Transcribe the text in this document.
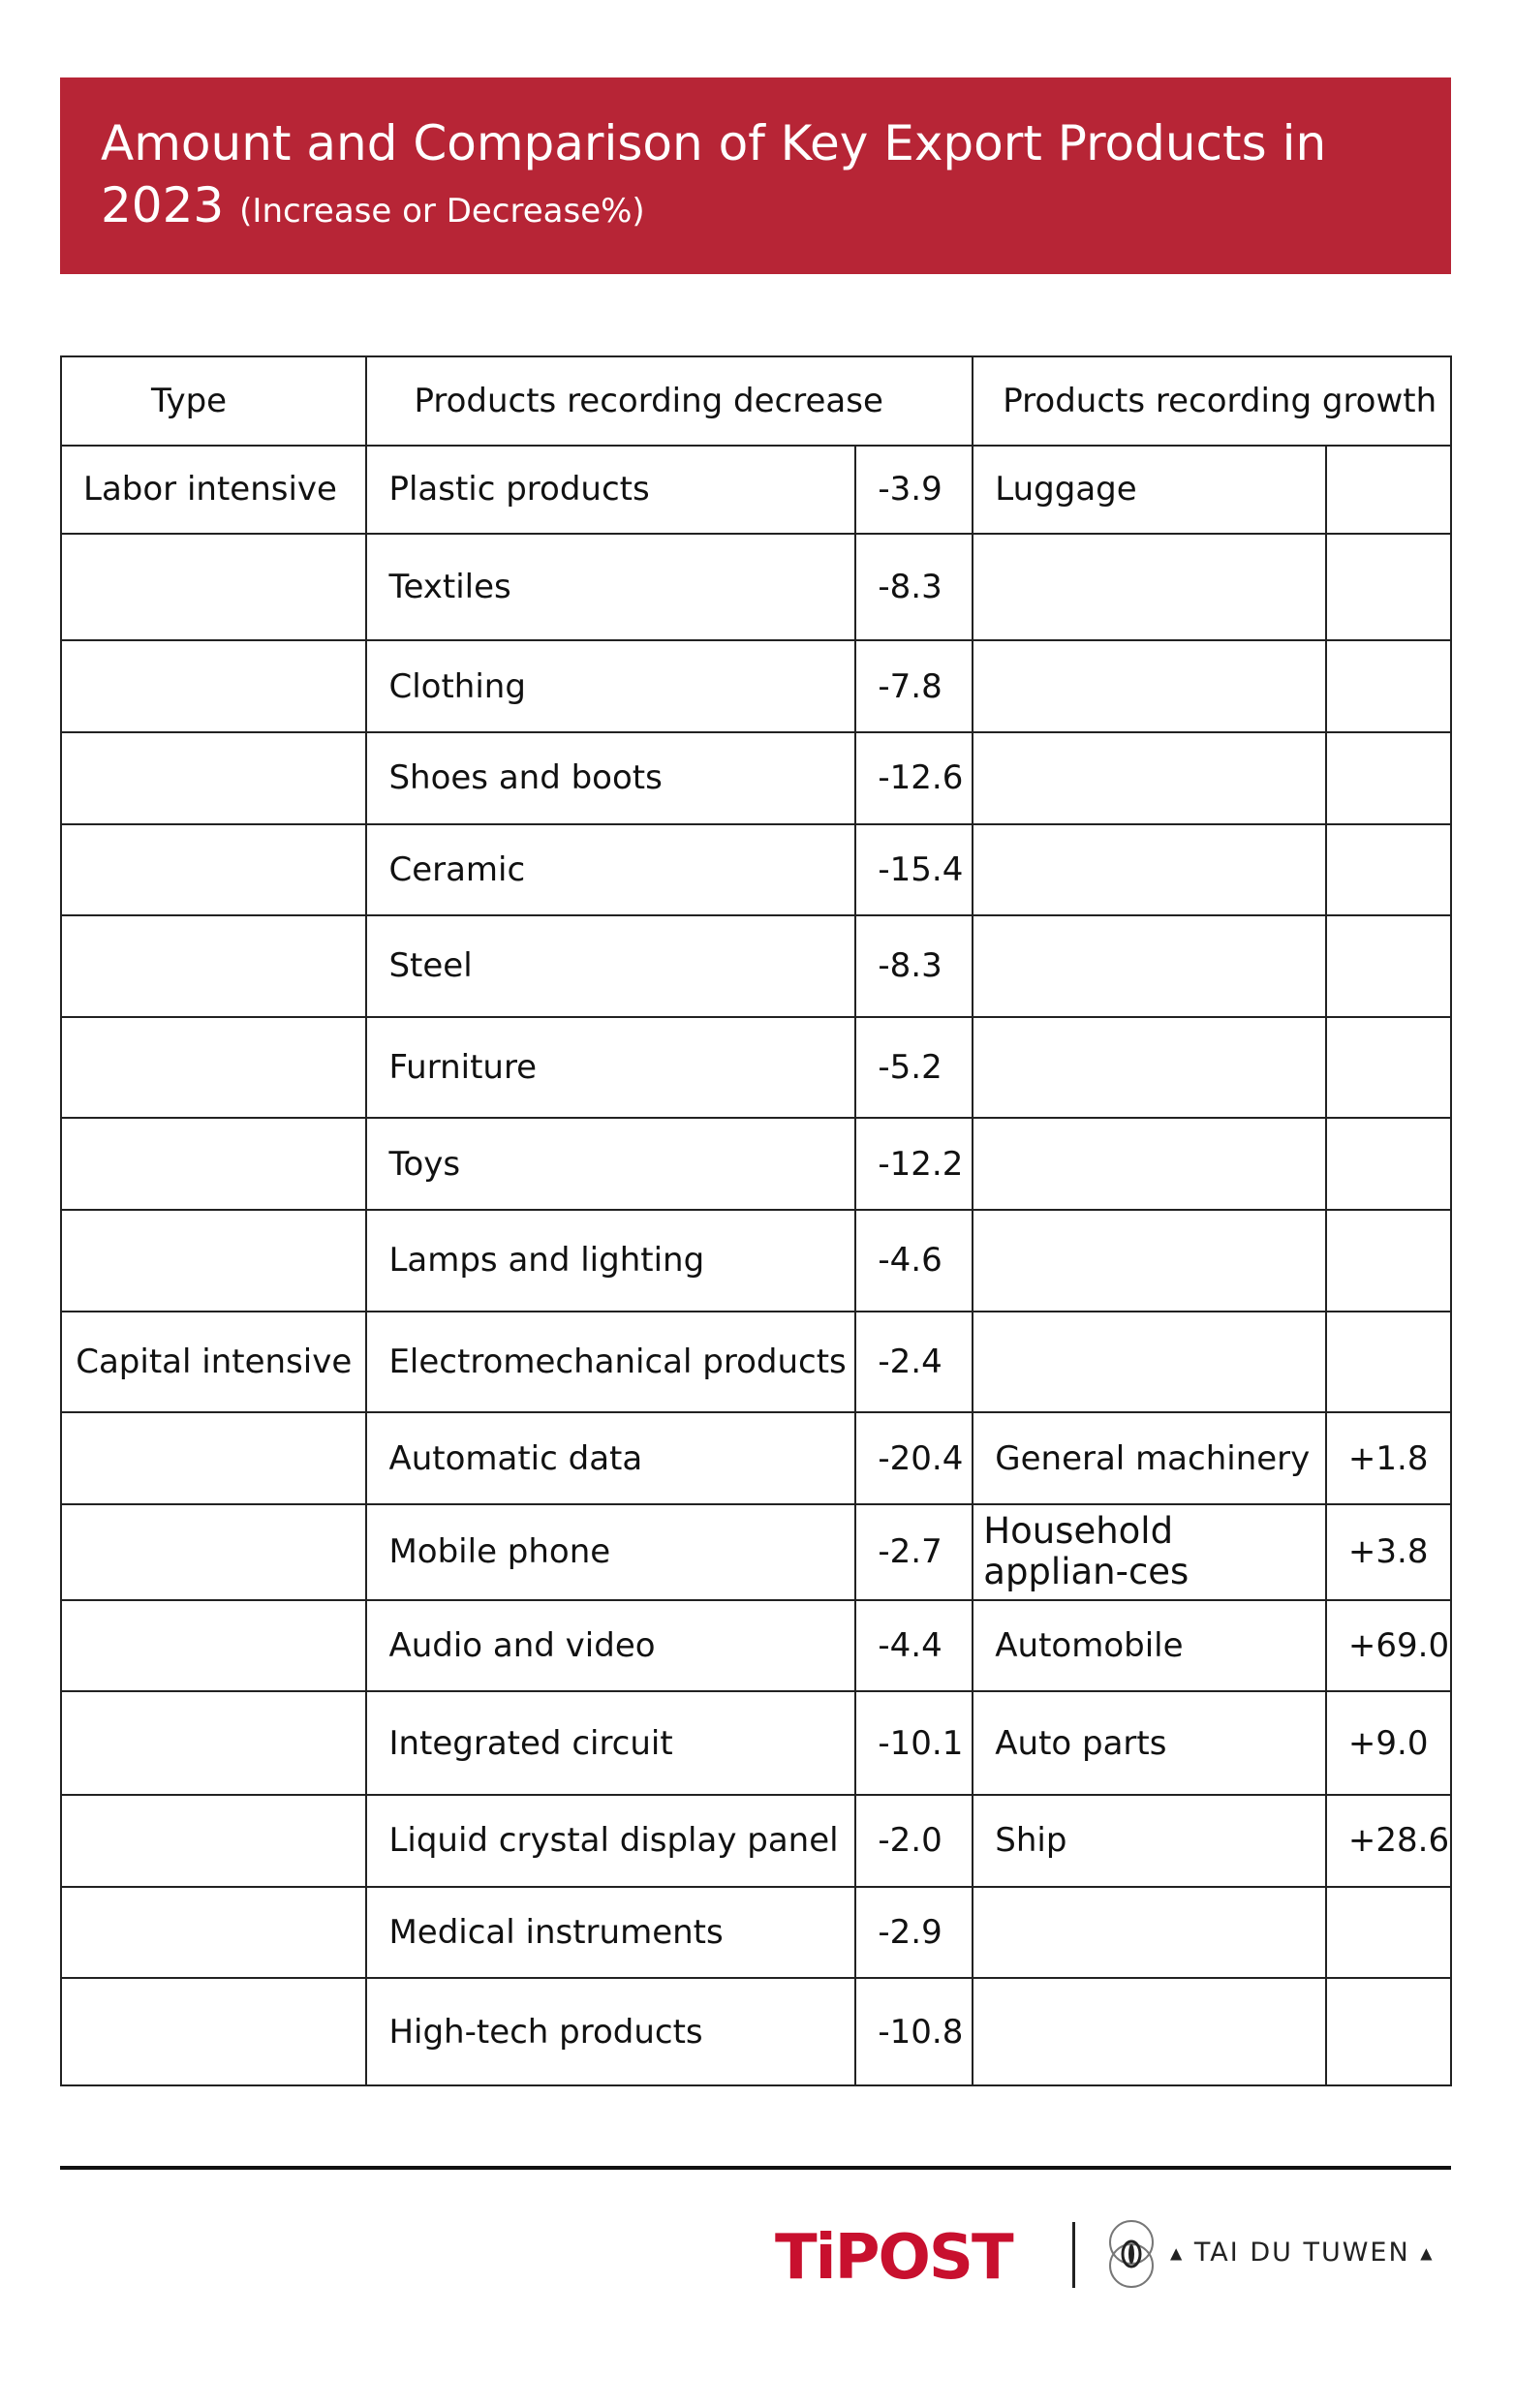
Amount and Comparison of Key Export Products in 2023 (Increase or Decrease%)
Type	Products recording decrease		Products recording growth	
Labor intensive	Plastic products	-3.9	Luggage	
	Textiles	-8.3		
	Clothing	-7.8		
	Shoes and boots	-12.6		
	Ceramic	-15.4		
	Steel	-8.3		
	Furniture	-5.2		
	Toys	-12.2		
	Lamps and lighting	-4.6		
Capital intensive	Electromechanical products	-2.4		
	Automatic data	-20.4	General machinery	+1.8
	Mobile phone	-2.7	Household applian-ces	+3.8
	Audio and video	-4.4	Automobile	+69.0
	Integrated circuit	-10.1	Auto parts	+9.0
	Liquid crystal display panel	-2.0	Ship	+28.6
	Medical instruments	-2.9		
	High-tech products	-10.8		
TiPOST	▲ TAI DU TUWEN ▲
